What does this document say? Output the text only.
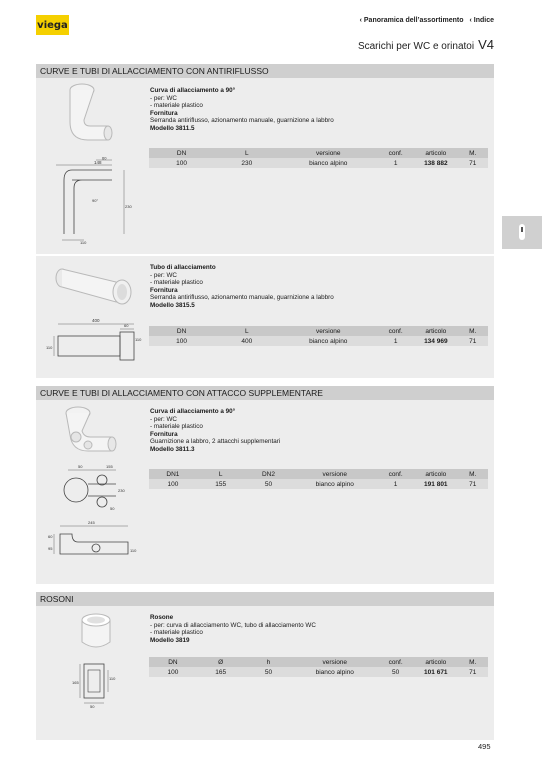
viega	‹ Panoramica dell’assortimento ‹ Indice
Scarichi per WC e orinatoi V4
CURVE E TUBI DI ALLACCIAMENTO CON ANTIRIFLUSSO
148
60
90°
230
110
Curva di allacciamento a 90°
- per: WC
- materiale plastico
Fornitura
Serranda antiriflusso, azionamento manuale, guarnizione a labbro
Modello 3811.5
DN	L	versione	conf.	articolo	M.
100	230	bianco alpino	1	138 882	71
400
60
110
110
Tubo di allacciamento
- per: WC
- materiale plastico
Fornitura
Serranda antiriflusso, azionamento manuale, guarnizione a labbro
Modello 3815.5
DN	L	versione	conf.	articolo	M.
100	400	bianco alpino	1	134 969	71
CURVE E TUBI DI ALLACCIAMENTO CON ATTACCO SUPPLEMENTARE
50	155
50
230
245
60
95	110
Curva di allacciamento a 90°
- per: WC
- materiale plastico
Fornitura
Guarnizione a labbro, 2 attacchi supplementari
Modello 3811.3
DN1	L	DN2	versione	conf.	articolo	M.
100	155	50	bianco alpino	1	191 801	71
ROSONI
165
110
50
Rosone
- per: curva di allacciamento WC, tubo di allacciamento WC
- materiale plastico
Modello 3819
DN	Ø	h	versione	conf.	articolo	M.
100	165	50	bianco alpino	50	101 671	71
495
